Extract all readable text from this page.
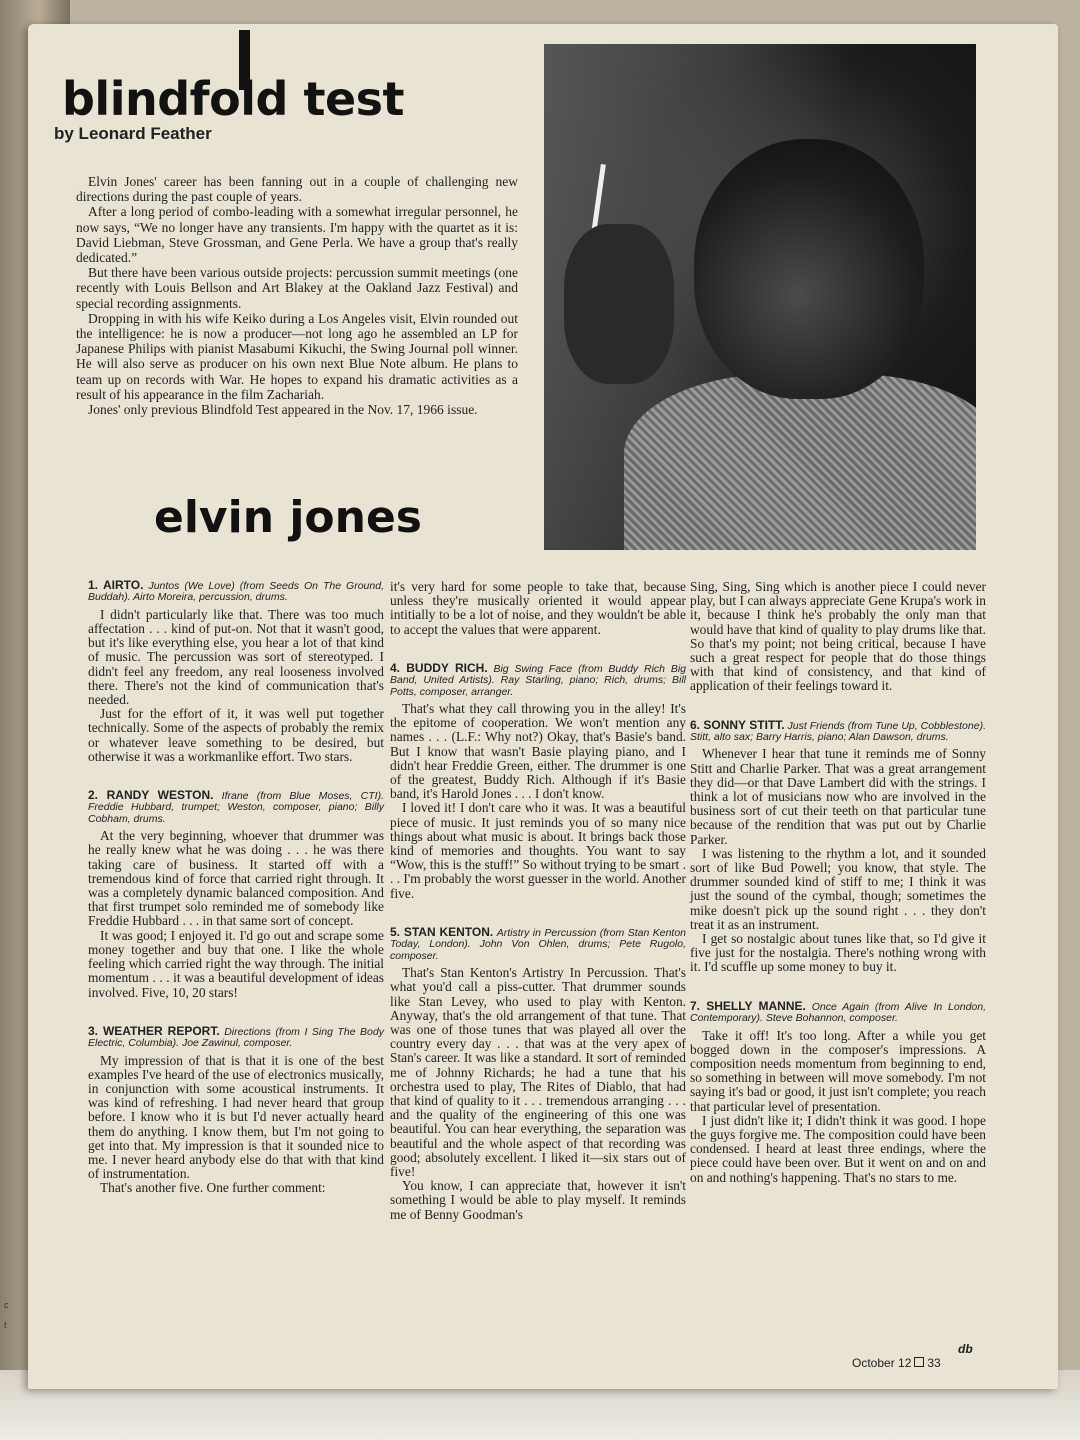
c
t
blindfold test
by Leonard Feather

Elvin Jones' career has been fanning out in a couple of challenging new directions during the past couple of years.

After a long period of combo-leading with a somewhat irregular personnel, he now says, “We no longer have any transients. I'm happy with the quartet as it is: David Liebman, Steve Grossman, and Gene Perla. We have a group that's really dedicated.”

But there have been various outside projects: percussion summit meetings (one recently with Louis Bellson and Art Blakey at the Oakland Jazz Festival) and special recording assignments.

Dropping in with his wife Keiko during a Los Angeles visit, Elvin rounded out the intelligence: he is now a producer—not long ago he assembled an LP for Japanese Philips with pianist Masabumi Kikuchi, the Swing Journal poll winner. He will also serve as producer on his own next Blue Note album. He plans to team up on records with War. He hopes to expand his dramatic activities as a result of his appearance in the film Zachariah.

Jones' only previous Blindfold Test appeared in the Nov. 17, 1966 issue.

elvin jones

1. AIRTO. Juntos (We Love) (from Seeds On The Ground, Buddah). Airto Moreira, percussion, drums.

I didn't particularly like that. There was too much affectation . . . kind of put-on. Not that it wasn't good, but it's like everything else, you hear a lot of that kind of music. The percussion was sort of stereotyped. I didn't feel any freedom, any real looseness involved there. There's not the kind of communication that's needed.

Just for the effort of it, it was well put together technically. Some of the aspects of probably the remix or whatever leave something to be desired, but otherwise it was a workmanlike effort. Two stars.

2. RANDY WESTON. Ifrane (from Blue Moses, CTI). Freddie Hubbard, trumpet; Weston, composer, piano; Billy Cobham, drums.

At the very beginning, whoever that drummer was he really knew what he was doing . . . he was there taking care of business. It started off with a tremendous kind of force that carried right through. It was a completely dynamic balanced composition. And that first trumpet solo reminded me of somebody like Freddie Hubbard . . . in that same sort of concept.

It was good; I enjoyed it. I'd go out and scrape some money together and buy that one. I like the whole feeling which carried right the way through. The initial momentum . . . it was a beautiful development of ideas involved. Five, 10, 20 stars!

3. WEATHER REPORT. Directions (from I Sing The Body Electric, Columbia). Joe Zawinul, composer.

My impression of that is that it is one of the best examples I've heard of the use of electronics musically, in conjunction with some acoustical instruments. It was kind of refreshing. I had never heard that group before. I know who it is but I'd never actually heard them do anything. I know them, but I'm not going to get into that. My impression is that it sounded nice to me. I never heard anybody else do that with that kind of instrumentation.

That's another five. One further comment:

it's very hard for some people to take that, because unless they're musically oriented it would appear intitially to be a lot of noise, and they wouldn't be able to accept the values that were apparent.

4. BUDDY RICH. Big Swing Face (from Buddy Rich Big Band, United Artists). Ray Starling, piano; Rich, drums; Bill Potts, composer, arranger.

That's what they call throwing you in the alley! It's the epitome of cooperation. We won't mention any names . . . (L.F.: Why not?) Okay, that's Basie's band. But I know that wasn't Basie playing piano, and I didn't hear Freddie Green, either. The drummer is one of the greatest, Buddy Rich. Although if it's Basie band, it's Harold Jones . . . I don't know.

I loved it! I don't care who it was. It was a beautiful piece of music. It just reminds you of so many nice things about what music is about. It brings back those kind of memories and thoughts. You want to say “Wow, this is the stuff!” So without trying to be smart . . . I'm probably the worst guesser in the world. Another five.

5. STAN KENTON. Artistry in Percussion (from Stan Kenton Today, London). John Von Ohlen, drums; Pete Rugolo, composer.

That's Stan Kenton's Artistry In Percussion. That's what you'd call a piss-cutter. That drummer sounds like Stan Levey, who used to play with Kenton. Anyway, that's the old arrangement of that tune. That was one of those tunes that was played all over the country every day . . . that was at the very apex of Stan's career. It was like a standard. It sort of reminded me of Johnny Richards; he had a tune that his orchestra used to play, The Rites of Diablo, that had that kind of quality to it . . . tremendous arranging . . . and the quality of the engineering of this one was beautiful. You can hear everything, the separation was beautiful and the whole aspect of that recording was good; absolutely excellent. I liked it—six stars out of five!

You know, I can appreciate that, however it isn't something I would be able to play myself. It reminds me of Benny Goodman's

Sing, Sing, Sing which is another piece I could never play, but I can always appreciate Gene Krupa's work in it, because I think he's probably the only man that would have that kind of quality to play drums like that. So that's my point; not being critical, because I have such a great respect for people that do those things with that kind of consistency, and that kind of application of their feelings toward it.

6. SONNY STITT. Just Friends (from Tune Up, Cobblestone). Stitt, alto sax; Barry Harris, piano; Alan Dawson, drums.

Whenever I hear that tune it reminds me of Sonny Stitt and Charlie Parker. That was a great arrangement they did—or that Dave Lambert did with the strings. I think a lot of musicians now who are involved in the business sort of cut their teeth on that particular tune because of the rendition that was put out by Charlie Parker.

I was listening to the rhythm a lot, and it sounded sort of like Bud Powell; you know, that style. The drummer sounded kind of stiff to me; I think it was just the sound of the cymbal, though; sometimes the mike doesn't pick up the sound right . . . they don't treat it as an instrument.

I get so nostalgic about tunes like that, so I'd give it five just for the nostalgia. There's nothing wrong with it. I'd scuffle up some money to buy it.

7. SHELLY MANNE. Once Again (from Alive In London, Contemporary). Steve Bohannon, composer.

Take it off! It's too long. After a while you get bogged down in the composer's impressions. A composition needs momentum from beginning to end, so something in between will move somebody. I'm not saying it's bad or good, it just isn't complete; you reach that particular level of presentation.

I just didn't like it; I didn't think it was good. I hope the guys forgive me. The composition could have been condensed. I heard at least three endings, where the piece could have been over. But it went on and on and on and nothing's happening. That's no stars to me.

db
October 12 33
